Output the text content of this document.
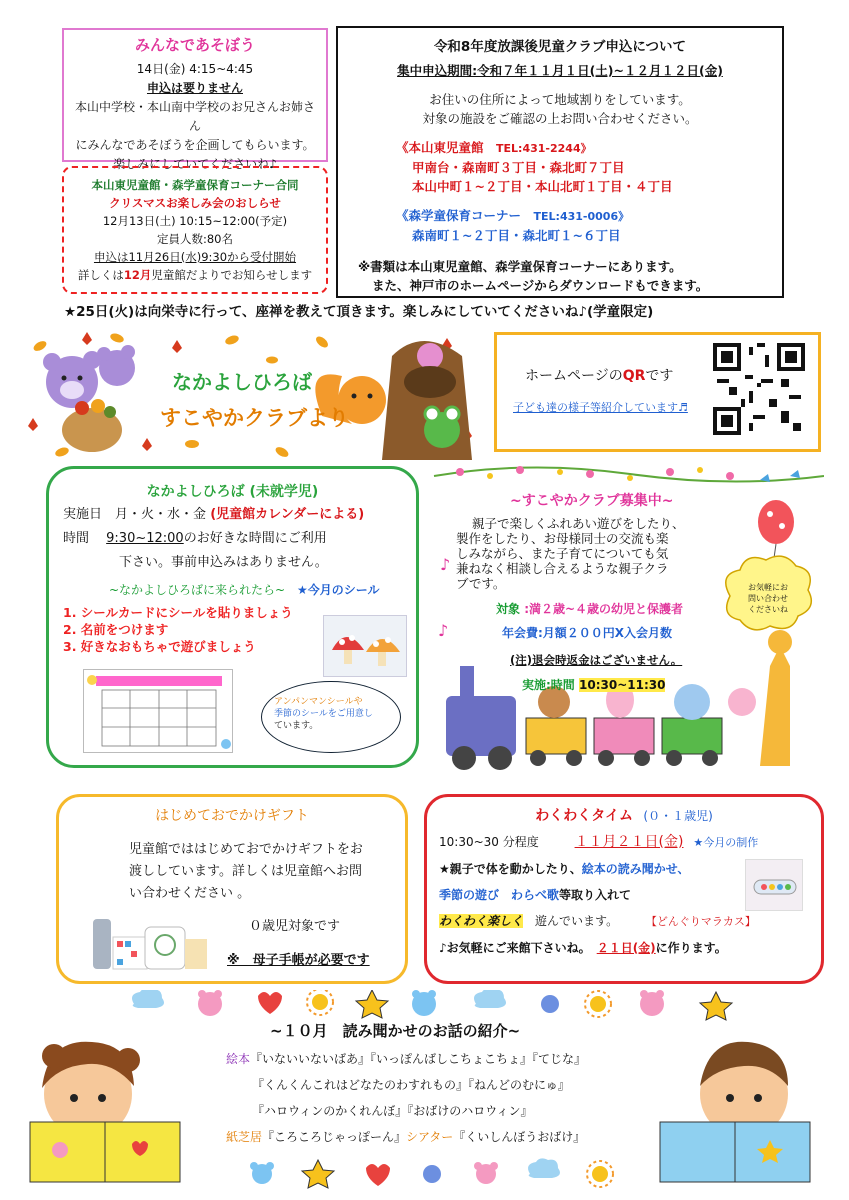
みんなであそぼう
14日(金) 4:15~4:45
申込は要りません
本山中学校・本山南中学校のお兄さんお姉さん
にみんなであそぼうを企画してもらいます。
楽しみにしていてくださいね♪
本山東児童館・森学童保育コーナー合同
クリスマスお楽しみ会のおしらせ
12月13日(土) 10:15~12:00(予定)
定員人数:80名
申込は11月26日(水)9:30から受付開始
詳しくは12月児童館だよりでお知らせします
令和8年度放課後児童クラブ申込について
集中申込期間:令和７年１１月１日(土)~１２月１２日(金)
お住いの住所によって地域割りをしています。
対象の施設をご確認の上お問い合わせください。
《本山東児童館　 TEL:431-2244》
甲南台・森南町３丁目・森北町７丁目
本山中町１~２丁目・本山北町１丁目・４丁目
《森学童保育コーナー　 TEL:431-0006》
森南町１~２丁目・森北町１~６丁目
※書類は本山東児童館、森学童保育コーナーにあります。
また、神戸市のホームページからダウンロードもできます。
★25日(火)は向栄寺に行って、座禅を教えて頂きます。楽しみにしていてくださいね♪(学童限定)
なかよしひろば
すこやかクラブより
ホームページのQRです
子ども達の様子等紹介しています♬
なかよしひろば (未就学児)
実施日　 月・火・水・金 (児童館カレンダーによる)
時間　 9:30~12:00のお好きな時間にご利用
下さい。事前申込みはありません。
~なかよしひろばに来られたら~ ★今月のシール
1. シールカードにシールを貼りましょう
2. 名前をつけます
3. 好きなおもちゃで遊びましょう
アンパンマンシールや
季節のシールをご用意し
ています。
♪
♪
~すこやかクラブ募集中~
親子で楽しくふれあい遊びをしたり、
製作をしたり、お母様同士の交流も楽
しみながら、また子育てについても気
兼ねなく相談し合えるような親子クラ
ブです。	お気軽にお
問い合わせ
くださいね
対象 :満２歳~４歳の幼児と保護者
年会費:月額２００円X入会月数
(注)退会時返金はございません。
実施:時間 10:30~11:30
はじめておでかけギフト
児童館でははじめておでかけギフトをお
渡ししています。詳しくは児童館へお問
い合わせください 。
０歳児対象です
※　母子手帳が必要です
わくわくタイム (０・１歳児)
10:30~30 分程度	１１月２１日(金) ★今月の制作
★親子で体を動かしたり、絵本の読み聞かせ、
季節の遊び　 わらべ歌等取り入れて
わくわく楽しく　 遊んでいます。	【どんぐりマラカス】
♪お気軽にご来館下さいね。　 ２１日(金)に作ります。
~１０月　読み聞かせのお話の紹介~
絵本『いないいないばあ』『いっぽんばしこちょこちょ』『てじな』
『くんくんこれはどなたのわすれもの』『ねんどのむにゅ』
『ハロウィンのかくれんぼ』『おばけのハロウィン』
紙芝居『ころころじゃっぽーん』シアター『くいしんぼうおばけ』
